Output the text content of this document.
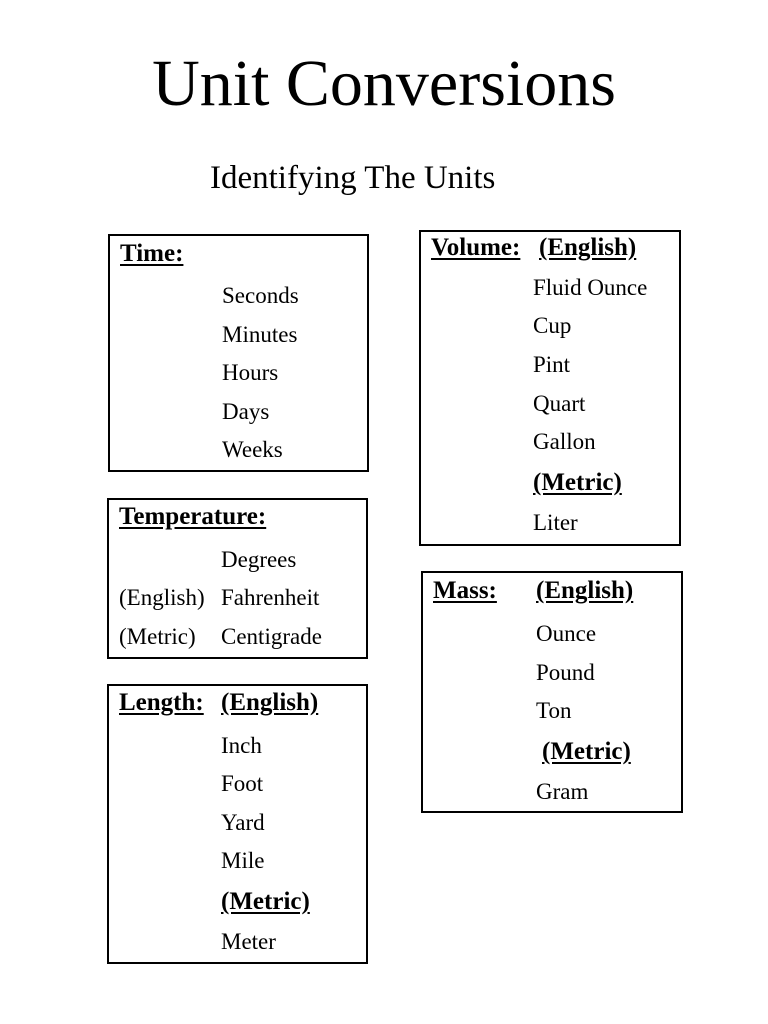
Unit Conversions
Identifying The Units
Time:
Seconds
Minutes
Hours
Days
Weeks
Temperature:
Degrees
(English) Fahrenheit
(Metric) Centigrade
Length: (English)
Inch
Foot
Yard
Mile
(Metric)
Meter
Volume: (English)
Fluid Ounce
Cup
Pint
Quart
Gallon
(Metric)
Liter
Mass: (English)
Ounce
Pound
Ton
(Metric)
Gram
